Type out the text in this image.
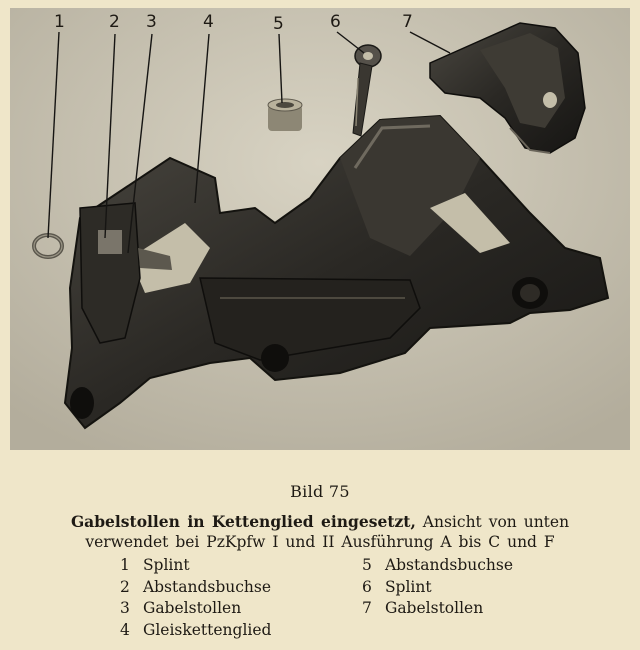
1	2 3	4	5	6	7
Bild 75
Gabelstollen in Kettenglied eingesetzt, Ansicht von unten
verwendet bei PzKpfw I und II Ausführung A bis C und F
1 Splint
2 Abstandsbuchse
3 Gabelstollen
4 Gleiskettenglied
5 Abstandsbuchse
6 Splint
7 Gabelstollen
